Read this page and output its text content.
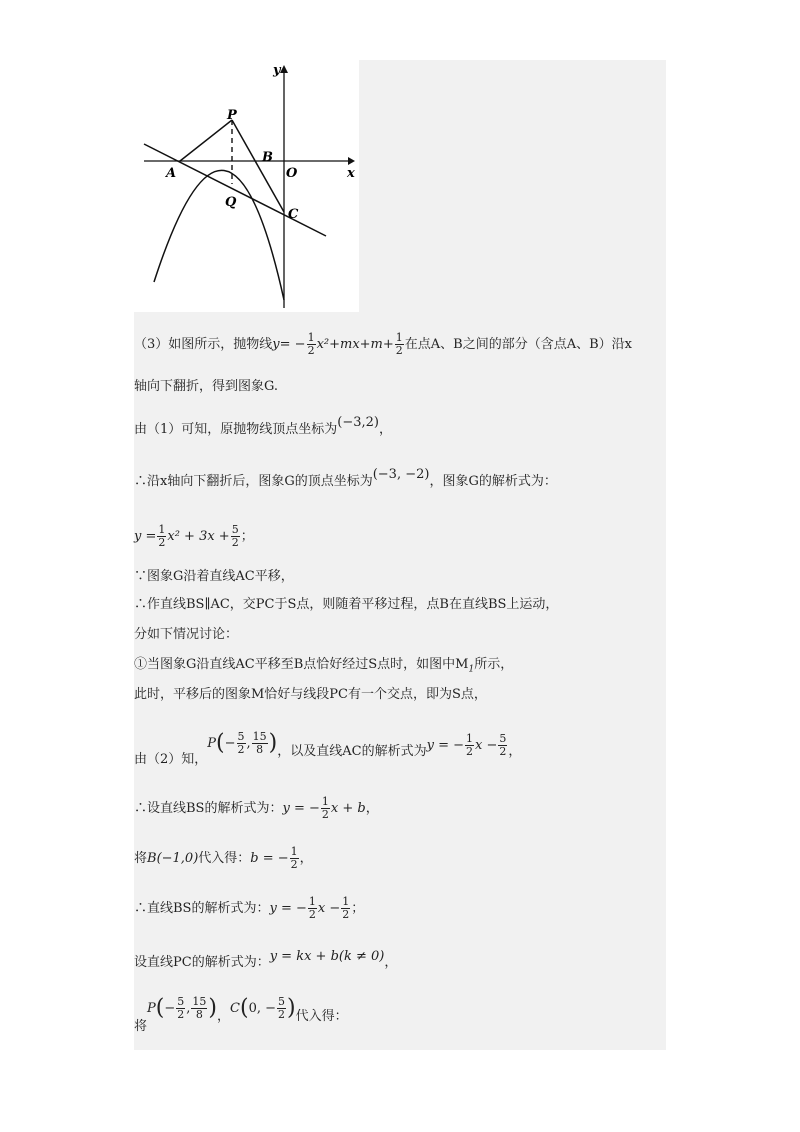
y
x
P
A
B
O
Q
C
（3）如图所示，抛物线$y= - \frac{1}{2} x^2+mx+m+ \frac{1}{2}$ 在点A、B之间的部分（含点A、B）沿x
轴向下翻折，得到图象G.
由（1）可知，原抛物线顶点坐标为(−3,2)，
∴沿x轴向下翻折后，图象G的顶点坐标为(−3, −2)，图象G的解析式为：
$y = \frac{1}{2} x^2 + 3x + \frac{5}{2}$ ；
∵图象G沿着直线AC平移，
∴作直线BS∥AC，交PC于S点，则随着平移过程，点B在直线BS上运动，
分如下情况讨论：
①当图象G沿直线AC平移至B点恰好经过S点时，如图中$M_1$所示，
此时，平移后的图象M恰好与线段PC有一个交点，即为S点，
由（2）知，$P(- \frac{5}{2}$ , $\frac{15}{8}$ )，以及直线AC的解析式为y = − $\frac{1}{2}$ $x - \frac{5}{2}$ ，
∴设直线BS的解析式为：y = − $\frac{1}{2}$ x + b，
将B(−1,0)代入得：b = − $\frac{1}{2}$ ，
∴直线BS的解析式为：y = − $\frac{1}{2}$ $x - \frac{1}{2}$ ；
设直线PC的解析式为：y = kx + b(k ≠ 0)，
将$P(- \frac{5}{2}$ , $\frac{15}{8}$ )，C(0, − $\frac{5}{2}$ )代入得：
